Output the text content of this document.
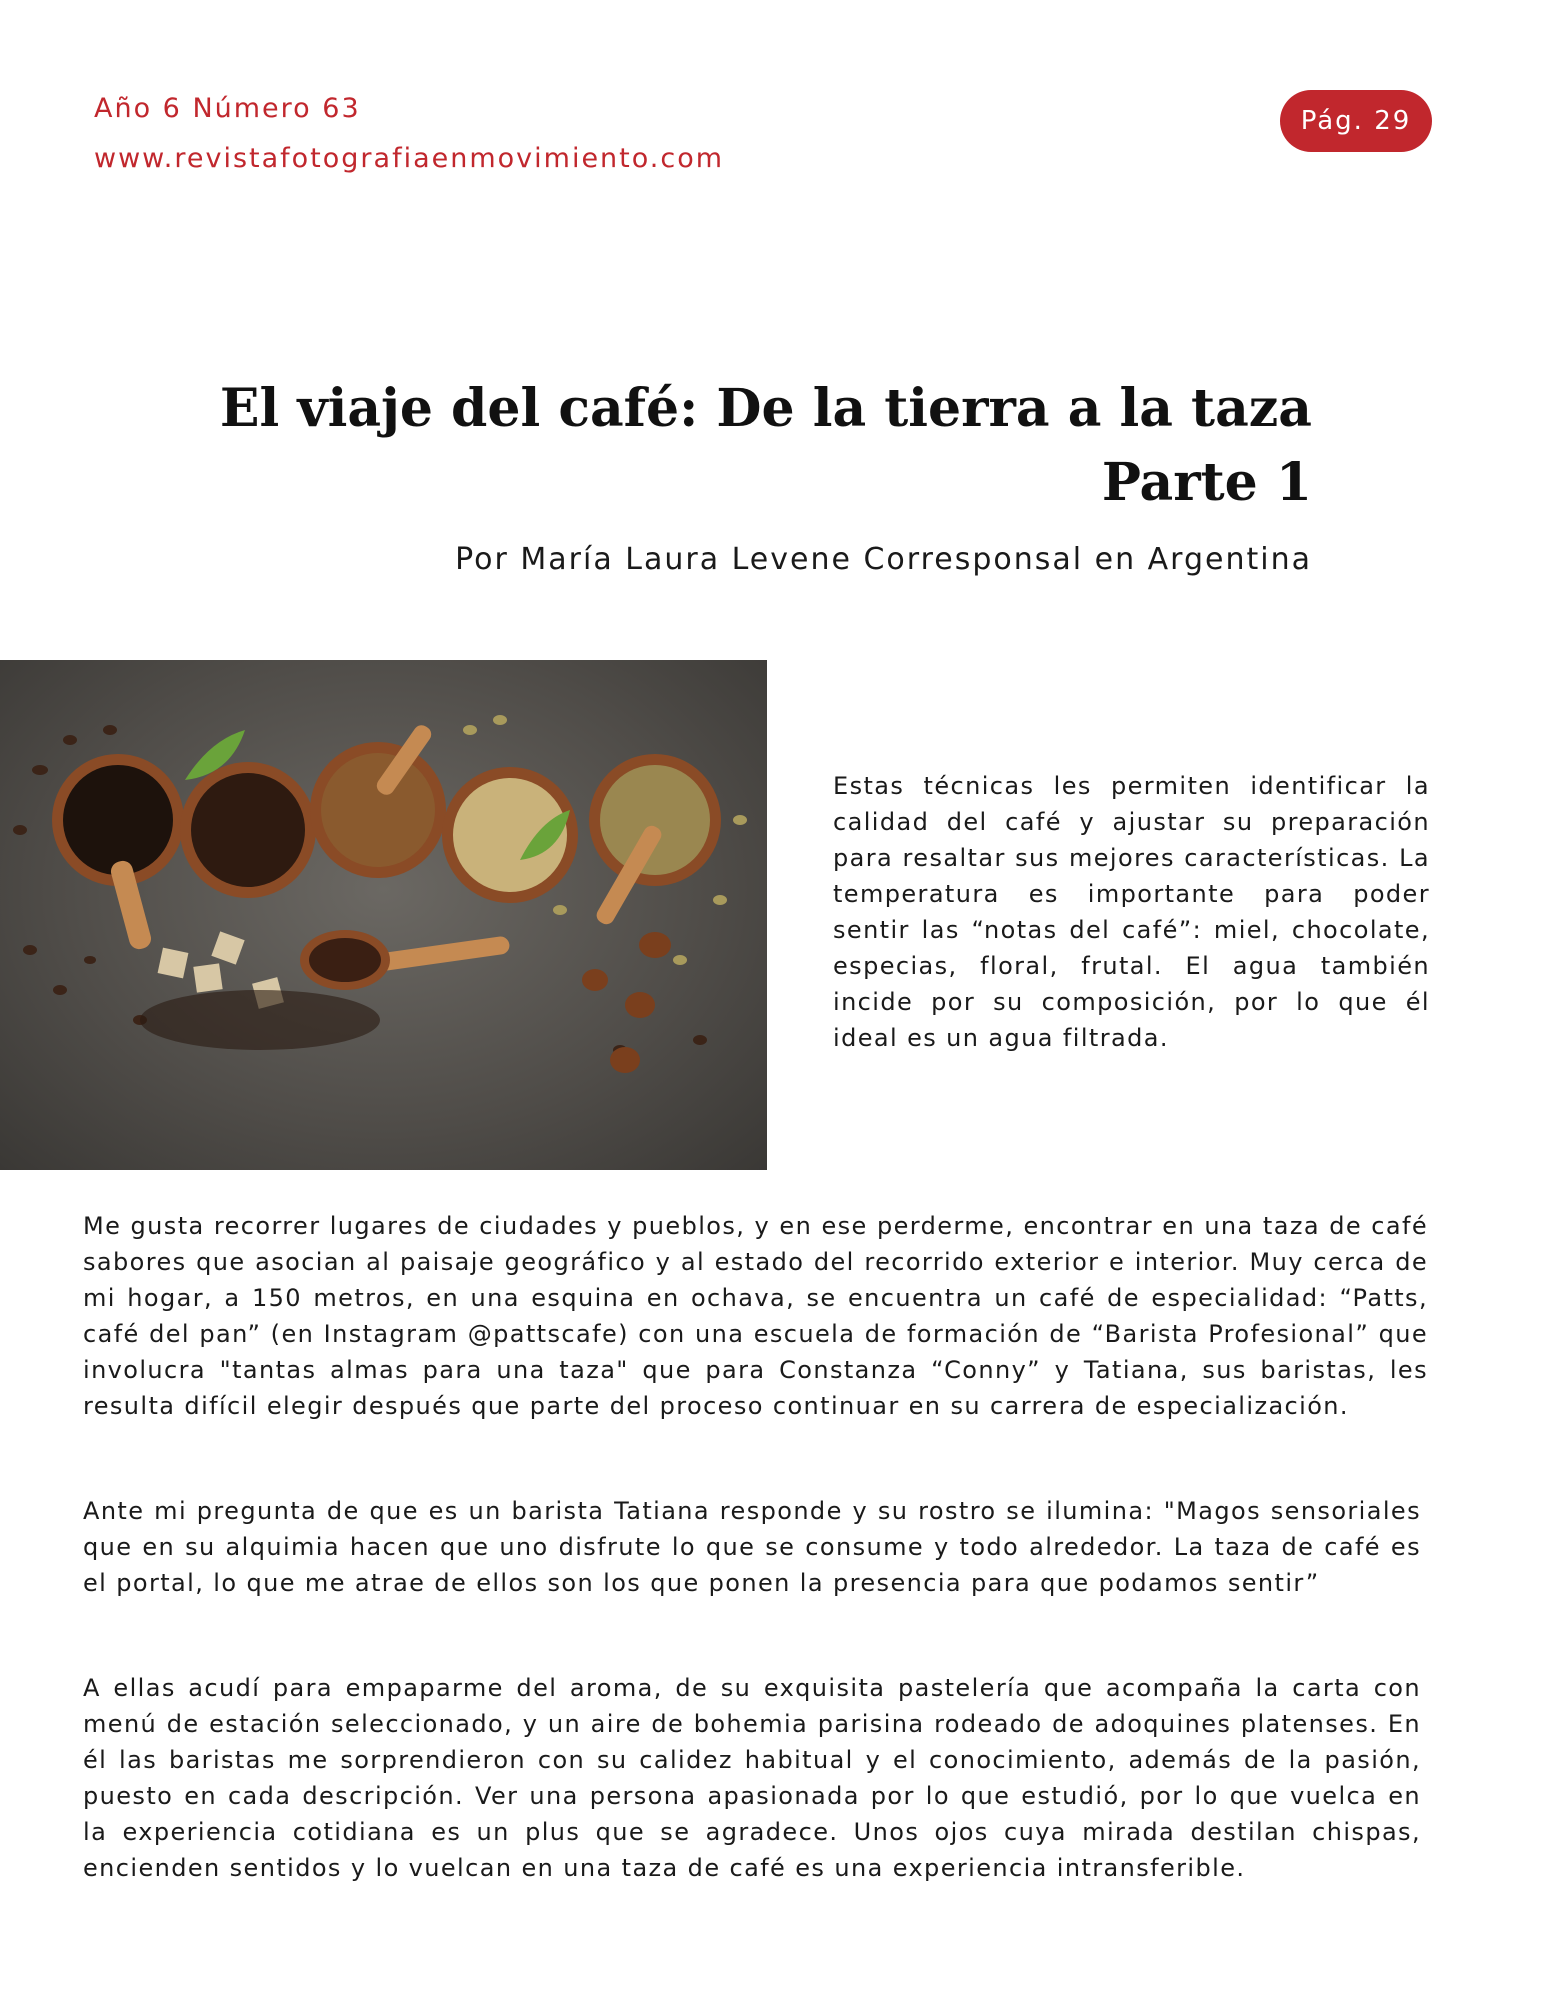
Año 6 Número 63
www.revistafotografiaenmovimiento.com
Pág. 29

El viaje del café: De la tierra a la taza

Parte 1

Por María Laura Levene Corresponsal en Argentina
Estas técnicas les permiten identificar la calidad del café y ajustar su preparación para resaltar sus mejores características. La temperatura es importante para poder sentir las “notas del café”: miel, chocolate, especias, floral, frutal. El agua también incide por su composición, por lo que él ideal es un agua filtrada.

Me gusta recorrer lugares de ciudades y pueblos, y en ese perderme, encontrar en una taza de café sabores que asocian al paisaje geográfico y al estado del recorrido exterior e interior. Muy cerca de mi hogar, a 150 metros, en una esquina en ochava, se encuentra un café de especialidad: “Patts, café del pan” (en Instagram @pattscafe) con una escuela de formación de “Barista Profesional” que involucra "tantas almas para una taza" que para Constanza “Conny” y Tatiana, sus baristas, les resulta difícil elegir después que parte del proceso continuar en su carrera de especialización.

Ante mi pregunta de que es un barista Tatiana responde y su rostro se ilumina: "Magos sensoriales que en su alquimia hacen que uno disfrute lo que se consume y todo alrededor. La taza de café es el portal, lo que me atrae de ellos son los que ponen la presencia para que podamos sentir”

A ellas acudí para empaparme del aroma, de su exquisita pastelería que acompaña la carta con menú de estación seleccionado, y un aire de bohemia parisina rodeado de adoquines platenses. En él las baristas me sorprendieron con su calidez habitual y el conocimiento, además de la pasión, puesto en cada descripción. Ver una persona apasionada por lo que estudió, por lo que vuelca en la experiencia cotidiana es un plus que se agradece. Unos ojos cuya mirada destilan chispas, encienden sentidos y lo vuelcan en una taza de café es una experiencia intransferible.
